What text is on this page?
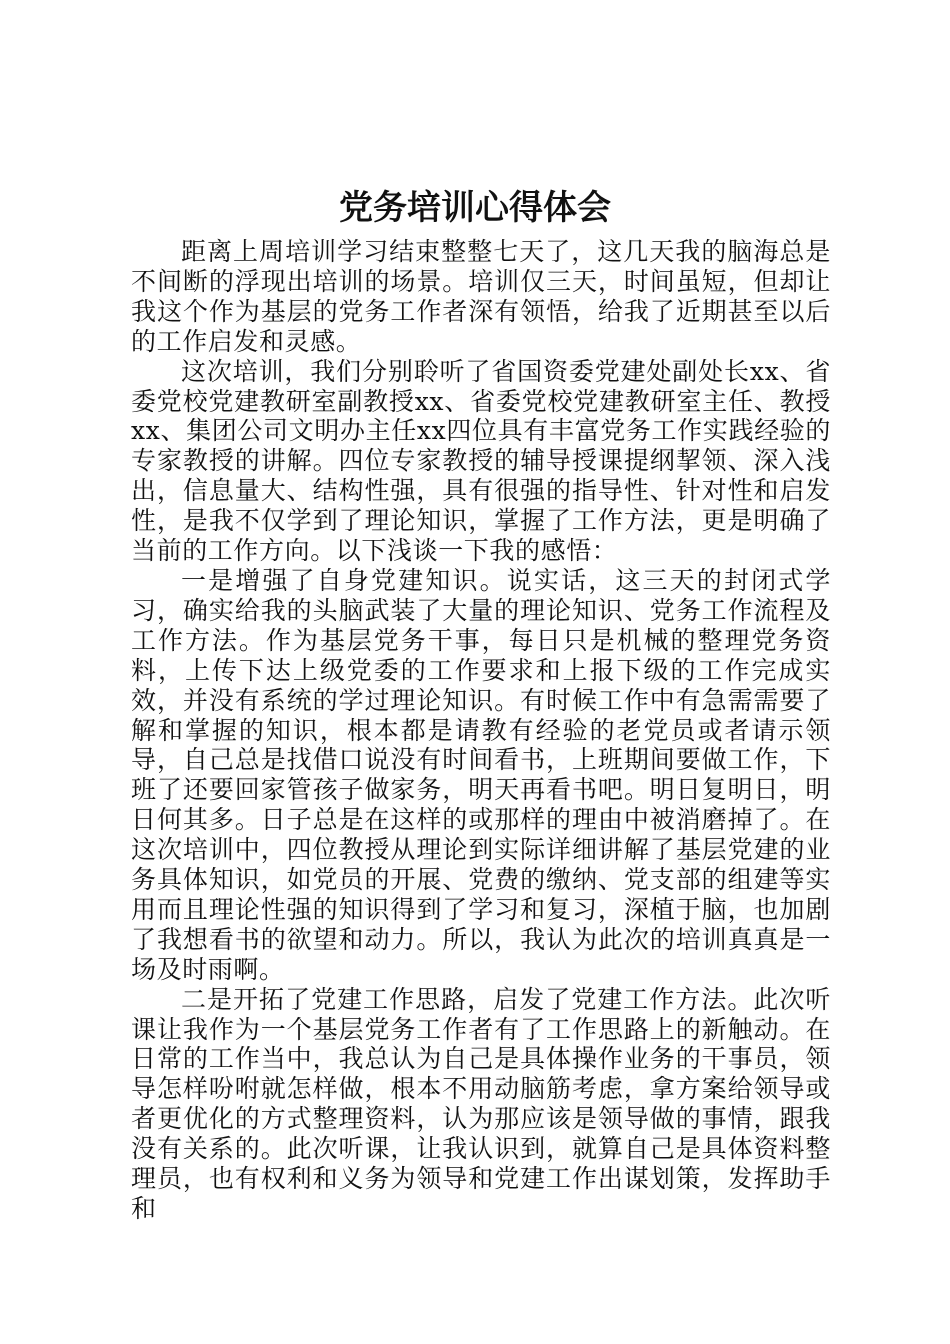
党务培训心得体会

距离上周培训学习结束整整七天了，这几天我的脑海总是不间断的浮现出培训的场景。培训仅三天，时间虽短，但却让我这个作为基层的党务工作者深有领悟，给我了近期甚至以后的工作启发和灵感。

这次培训，我们分别聆听了省国资委党建处副处长xx、省委党校党建教研室副教授xx、省委党校党建教研室主任、教授xx、集团公司文明办主任xx四位具有丰富党务工作实践经验的专家教授的讲解。四位专家教授的辅导授课提纲挈领、深入浅出，信息量大、结构性强，具有很强的指导性、针对性和启发性，是我不仅学到了理论知识，掌握了工作方法，更是明确了当前的工作方向。以下浅谈一下我的感悟：

一是增强了自身党建知识。说实话，这三天的封闭式学习，确实给我的头脑武装了大量的理论知识、党务工作流程及工作方法。作为基层党务干事，每日只是机械的整理党务资料，上传下达上级党委的工作要求和上报下级的工作完成实效，并没有系统的学过理论知识。有时候工作中有急需需要了解和掌握的知识，根本都是请教有经验的老党员或者请示领导，自己总是找借口说没有时间看书，上班期间要做工作，下班了还要回家管孩子做家务，明天再看书吧。明日复明日，明日何其多。日子总是在这样的或那样的理由中被消磨掉了。在这次培训中，四位教授从理论到实际详细讲解了基层党建的业务具体知识，如党员的开展、党费的缴纳、党支部的组建等实用而且理论性强的知识得到了学习和复习，深植于脑，也加剧了我想看书的欲望和动力。所以，我认为此次的培训真真是一场及时雨啊。

二是开拓了党建工作思路，启发了党建工作方法。此次听课让我作为一个基层党务工作者有了工作思路上的新触动。在日常的工作当中，我总认为自己是具体操作业务的干事员，领导怎样吩咐就怎样做，根本不用动脑筋考虑，拿方案给领导或者更优化的方式整理资料，认为那应该是领导做的事情，跟我没有关系的。此次听课，让我认识到，就算自己是具体资料整理员，也有权利和义务为领导和党建工作出谋划策，发挥助手和
